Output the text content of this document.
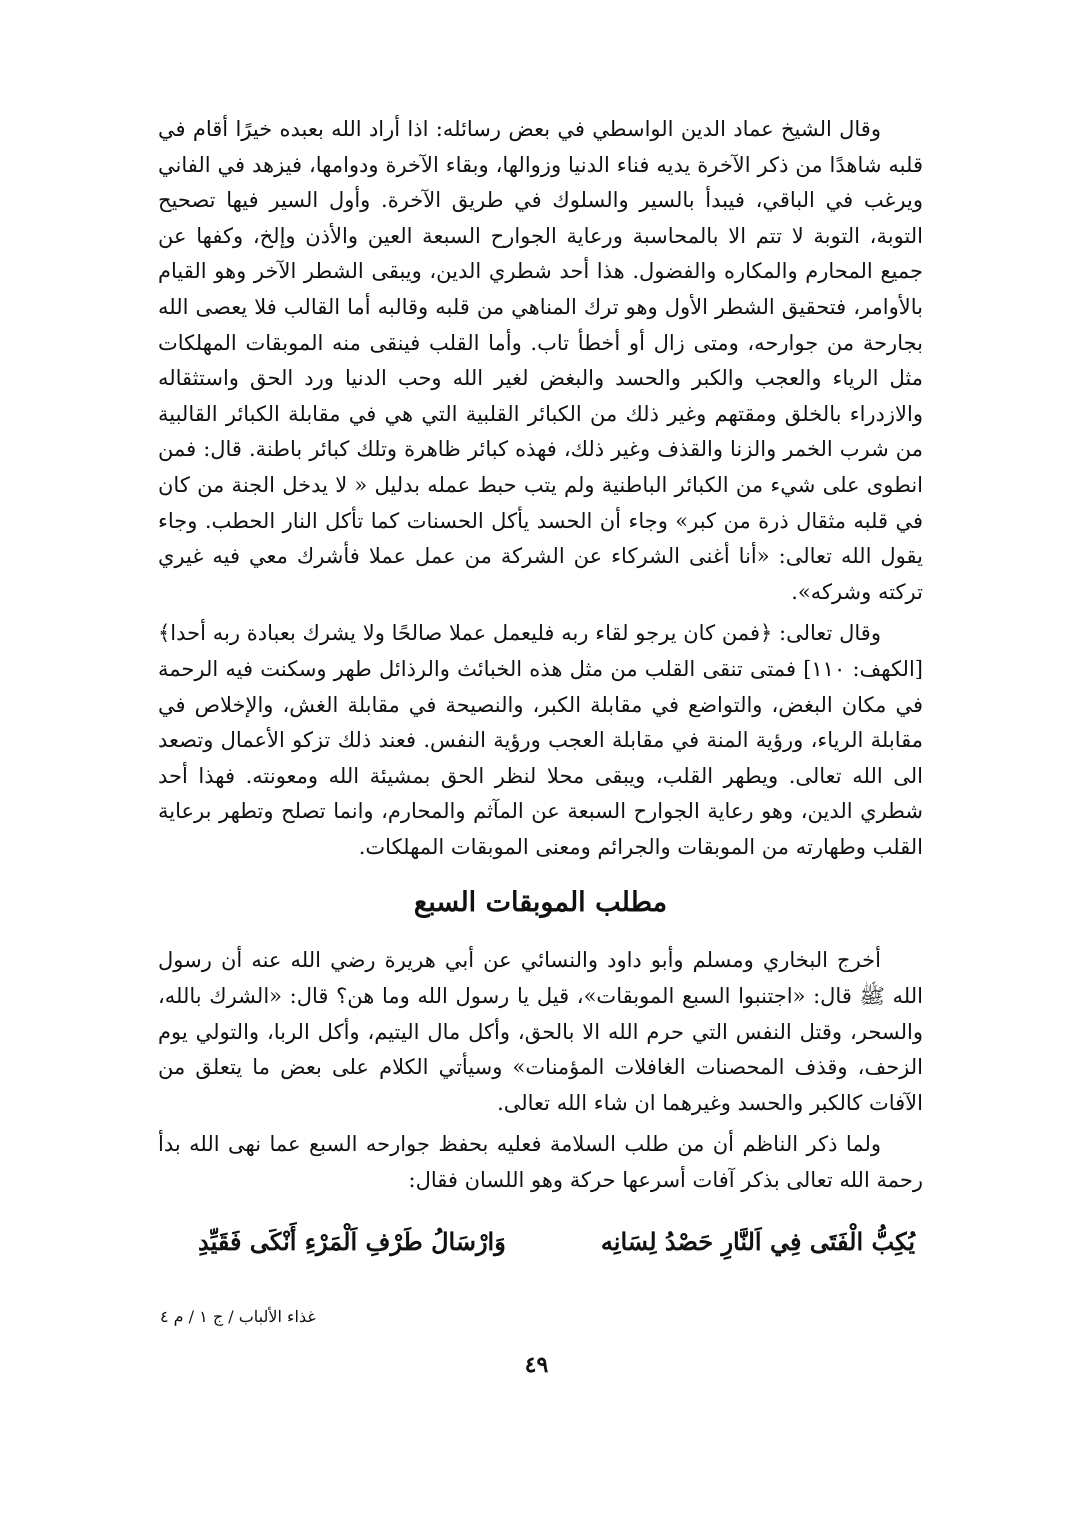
وقال الشيخ عماد الدين الواسطي في بعض رسائله: اذا أراد الله بعبده خيرًا أقام في قلبه شاهدًا من ذكر الآخرة يديه فناء الدنيا وزوالها، وبقاء الآخرة ودوامها، فيزهد في الفاني ويرغب في الباقي، فيبدأ بالسير والسلوك في طريق الآخرة. وأول السير فيها تصحيح التوبة، التوبة لا تتم الا بالمحاسبة ورعاية الجوارح السبعة العين والأذن وإلخ، وكفها عن جميع المحارم والمكاره والفضول. هذا أحد شطري الدين، ويبقى الشطر الآخر وهو القيام بالأوامر، فتحقيق الشطر الأول وهو ترك المناهي من قلبه وقالبه أما القالب فلا يعصى الله بجارحة من جوارحه، ومتى زال أو أخطأ تاب. وأما القلب فينقى منه الموبقات المهلكات مثل الرياء والعجب والكبر والحسد والبغض لغير الله وحب الدنيا ورد الحق واستثقاله والازدراء بالخلق ومقتهم وغير ذلك من الكبائر القلبية التي هي في مقابلة الكبائر القالبية من شرب الخمر والزنا والقذف وغير ذلك، فهذه كبائر ظاهرة وتلك كبائر باطنة. قال: فمن انطوى على شيء من الكبائر الباطنية ولم يتب حبط عمله بدليل « لا يدخل الجنة من كان في قلبه مثقال ذرة من كبر» وجاء أن الحسد يأكل الحسنات كما تأكل النار الحطب. وجاء يقول الله تعالى: «أنا أغنى الشركاء عن الشركة من عمل عملا فأشرك معي فيه غيري تركته وشركه».

وقال تعالى: ﴿فمن كان يرجو لقاء ربه فليعمل عملا صالحًا ولا يشرك بعبادة ربه أحدا﴾ [الكهف: ١١٠] فمتى تنقى القلب من مثل هذه الخبائث والرذائل طهر وسكنت فيه الرحمة في مكان البغض، والتواضع في مقابلة الكبر، والنصيحة في مقابلة الغش، والإخلاص في مقابلة الرياء، ورؤية المنة في مقابلة العجب ورؤية النفس. فعند ذلك تزكو الأعمال وتصعد الى الله تعالى. ويطهر القلب، ويبقى محلا لنظر الحق بمشيئة الله ومعونته. فهذا أحد شطري الدين، وهو رعاية الجوارح السبعة عن المآثم والمحارم، وانما تصلح وتطهر برعاية القلب وطهارته من الموبقات والجرائم ومعنى الموبقات المهلكات.

مطلب الموبقات السبع

أخرج البخاري ومسلم وأبو داود والنسائي عن أبي هريرة رضي الله عنه أن رسول الله ﷺ قال: «اجتنبوا السبع الموبقات»، قيل يا رسول الله وما هن؟ قال: «الشرك بالله، والسحر، وقتل النفس التي حرم الله الا بالحق، وأكل مال اليتيم، وأكل الربا، والتولي يوم الزحف، وقذف المحصنات الغافلات المؤمنات» وسيأتي الكلام على بعض ما يتعلق من الآفات كالكبر والحسد وغيرهما ان شاء الله تعالى.

ولما ذكر الناظم أن من طلب السلامة فعليه بحفظ جوارحه السبع عما نهى الله بدأ رحمة الله تعالى بذكر آفات أسرعها حركة وهو اللسان فقال:

يُكِبُّ الْفَتَى فِي اَلنَّارِ حَصْدُ لِسَانِه
وَارْسَالُ طَرْفِ اَلْمَرْءِ أَنْكَى فَقَيِّدِ
غذاء الألباب / ج ١ / م ٤
٤٩
